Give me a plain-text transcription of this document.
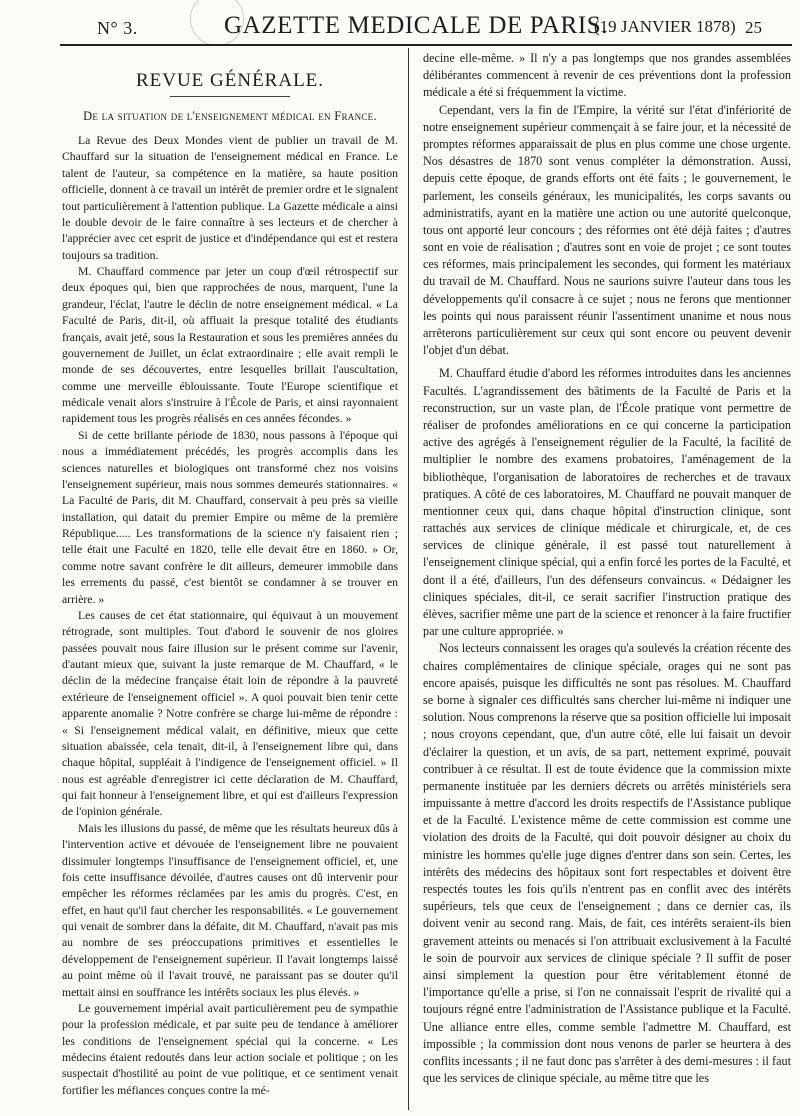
N° 3.	GAZETTE MEDICALE DE PARIS.
(19 JANVIER 1878) 25
REVUE GÉNÉRALE.
De la situation de l'enseignement médical en France.

La Revue des Deux Mondes vient de publier un travail de M. Chauffard sur la situation de l'enseignement médical en France. Le talent de l'auteur, sa compétence en la matière, sa haute position officielle, donnent à ce travail un intérêt de premier ordre et le signalent tout particulièrement à l'attention publique. La Gazette médicale a ainsi le double devoir de le faire connaître à ses lecteurs et de chercher à l'apprécier avec cet esprit de justice et d'indépendance qui est et restera toujours sa tradition.

M. Chauffard commence par jeter un coup d'œil rétrospectif sur deux époques qui, bien que rapprochées de nous, marquent, l'une la grandeur, l'éclat, l'autre le déclin de notre enseignement médical. « La Faculté de Paris, dit-il, où affluait la presque totalité des étudiants français, avait jeté, sous la Restauration et sous les premières années du gouvernement de Juillet, un éclat extraordinaire ; elle avait rempli le monde de ses découvertes, entre lesquelles brillait l'auscultation, comme une merveille éblouissante. Toute l'Europe scientifique et médicale venait alors s'instruire à l'École de Paris, et ainsi rayonnaient rapidement tous les progrès réalisés en ces années fécondes. »

Si de cette brillante période de 1830, nous passons à l'époque qui nous a immédiatement précédés, les progrès accomplis dans les sciences naturelles et biologiques ont transformé chez nos voisins l'enseignement supérieur, mais nous sommes demeurés stationnaires. « La Faculté de Paris, dit M. Chauffard, conservait à peu près sa vieille installation, qui datait du premier Empire ou même de la première République..... Les transformations de la science n'y faisaient rien ; telle était une Faculté en 1820, telle elle devait être en 1860. » Or, comme notre savant confrère le dit ailleurs, demeurer immobile dans les errements du passé, c'est bientôt se condamner à se trouver en arrière. »

Les causes de cet état stationnaire, qui équivaut à un mouvement rétrograde, sont multiples. Tout d'abord le souvenir de nos gloires passées pouvait nous faire illusion sur le présent comme sur l'avenir, d'autant mieux que, suivant la juste remarque de M. Chauffard, « le déclin de la médecine française était loin de répondre à la pauvreté extérieure de l'enseignement officiel ». A quoi pouvait bien tenir cette apparente anomalie ? Notre confrère se charge lui-même de répondre : « Si l'enseignement médical valait, en définitive, mieux que cette situation abaissée, cela tenait, dit-il, à l'enseignement libre qui, dans chaque hôpital, suppléait à l'indigence de l'enseignement officiel. » Il nous est agréable d'enregistrer ici cette déclaration de M. Chauffard, qui fait honneur à l'enseignement libre, et qui est d'ailleurs l'expression de l'opinion générale.

Mais les illusions du passé, de même que les résultats heureux dûs à l'intervention active et dévouée de l'enseignement libre ne pouvaient dissimuler longtemps l'insuffisance de l'enseignement officiel, et, une fois cette insuffisance dévoilée, d'autres causes ont dû intervenir pour empêcher les réformes réclamées par les amis du progrès. C'est, en effet, en haut qu'il faut chercher les responsabilités. « Le gouvernement qui venait de sombrer dans la défaite, dit M. Chauffard, n'avait pas mis au nombre de ses préoccupations primitives et essentielles le développement de l'enseignement supérieur. Il l'avait longtemps laissé au point même où il l'avait trouvé, ne paraissant pas se douter qu'il mettait ainsi en souffrance les intérêts sociaux les plus élevés. »

Le gouvernement impérial avait particulièrement peu de sympathie pour la profession médicale, et par suite peu de tendance à améliorer les conditions de l'enseignement spécial qui la concerne. « Les médecins étaient redoutés dans leur action sociale et politique ; on les suspectait d'hostilité au point de vue politique, et ce sentiment venait fortifier les méfiances conçues contre la mé-

decine elle-même. » Il n'y a pas longtemps que nos grandes assemblées délibérantes commencent à revenir de ces préventions dont la profession médicale a été si fréquemment la victime.

Cependant, vers la fin de l'Empire, la vérité sur l'état d'infériorité de notre enseignement supérieur commençait à se faire jour, et la nécessité de promptes réformes apparaissait de plus en plus comme une chose urgente. Nos désastres de 1870 sont venus compléter la démonstration. Aussi, depuis cette époque, de grands efforts ont été faits ; le gouvernement, le parlement, les conseils généraux, les municipalités, les corps savants ou administratifs, ayant en la matière une action ou une autorité quelconque, tous ont apporté leur concours ; des réformes ont été déjà faites ; d'autres sont en voie de réalisation ; d'autres sont en voie de projet ; ce sont toutes ces réformes, mais principalement les secondes, qui forment les matériaux du travail de M. Chauffard. Nous ne saurions suivre l'auteur dans tous les développements qu'il consacre à ce sujet ; nous ne ferons que mentionner les points qui nous paraissent réunir l'assentiment unanime et nous nous arrêterons particulièrement sur ceux qui sont encore ou peuvent devenir l'objet d'un débat.

M. Chauffard étudie d'abord les réformes introduites dans les anciennes Facultés. L'agrandissement des bâtiments de la Faculté de Paris et la reconstruction, sur un vaste plan, de l'École pratique vont permettre de réaliser de profondes améliorations en ce qui concerne la participation active des agrégés à l'enseignement régulier de la Faculté, la facilité de multiplier le nombre des examens probatoires, l'aménagement de la bibliothèque, l'organisation de laboratoires de recherches et de travaux pratiques. A côté de ces laboratoires, M. Chauffard ne pouvait manquer de mentionner ceux qui, dans chaque hôpital d'instruction clinique, sont rattachés aux services de clinique médicale et chirurgicale, et, de ces services de clinique générale, il est passé tout naturellement à l'enseignement clinique spécial, qui a enfin forcé les portes de la Faculté, et dont il a été, d'ailleurs, l'un des défenseurs convaincus. « Dédaigner les cliniques spéciales, dit-il, ce serait sacrifier l'instruction pratique des élèves, sacrifier même une part de la science et renoncer à la faire fructifier par une culture appropriée. »

Nos lecteurs connaissent les orages qu'a soulevés la création récente des chaires complémentaires de clinique spéciale, orages qui ne sont pas encore apaisés, puisque les difficultés ne sont pas résolues. M. Chauffard se borne à signaler ces difficultés sans chercher lui-même ni indiquer une solution. Nous comprenons la réserve que sa position officielle lui imposait ; nous croyons cependant, que, d'un autre côté, elle lui faisait un devoir d'éclairer la question, et un avis, de sa part, nettement exprimé, pouvait contribuer à ce résultat. Il est de toute évidence que la commission mixte permanente instituée par les derniers décrets ou arrêtés ministériels sera impuissante à mettre d'accord les droits respectifs de l'Assistance publique et de la Faculté. L'existence même de cette commission est comme une violation des droits de la Faculté, qui doit pouvoir désigner au choix du ministre les hommes qu'elle juge dignes d'entrer dans son sein. Certes, les intérêts des médecins des hôpitaux sont fort respectables et doivent être respectés toutes les fois qu'ils n'entrent pas en conflit avec des intérêts supérieurs, tels que ceux de l'enseignement ; dans ce dernier cas, ils doivent venir au second rang. Mais, de fait, ces intérêts seraient-ils bien gravement atteints ou menacés si l'on attribuait exclusivement à la Faculté le soin de pourvoir aux services de clinique spéciale ? Il suffit de poser ainsi simplement la question pour être véritablement étonné de l'importance qu'elle a prise, si l'on ne connaissait l'esprit de rivalité qui a toujours régné entre l'administration de l'Assistance publique et la Faculté. Une alliance entre elles, comme semble l'admettre M. Chauffard, est impossible ; la commission dont nous venons de parler se heurtera à des conflits incessants ; il ne faut donc pas s'arrêter à des demi-mesures : il faut que les services de clinique spéciale, au même titre que les
